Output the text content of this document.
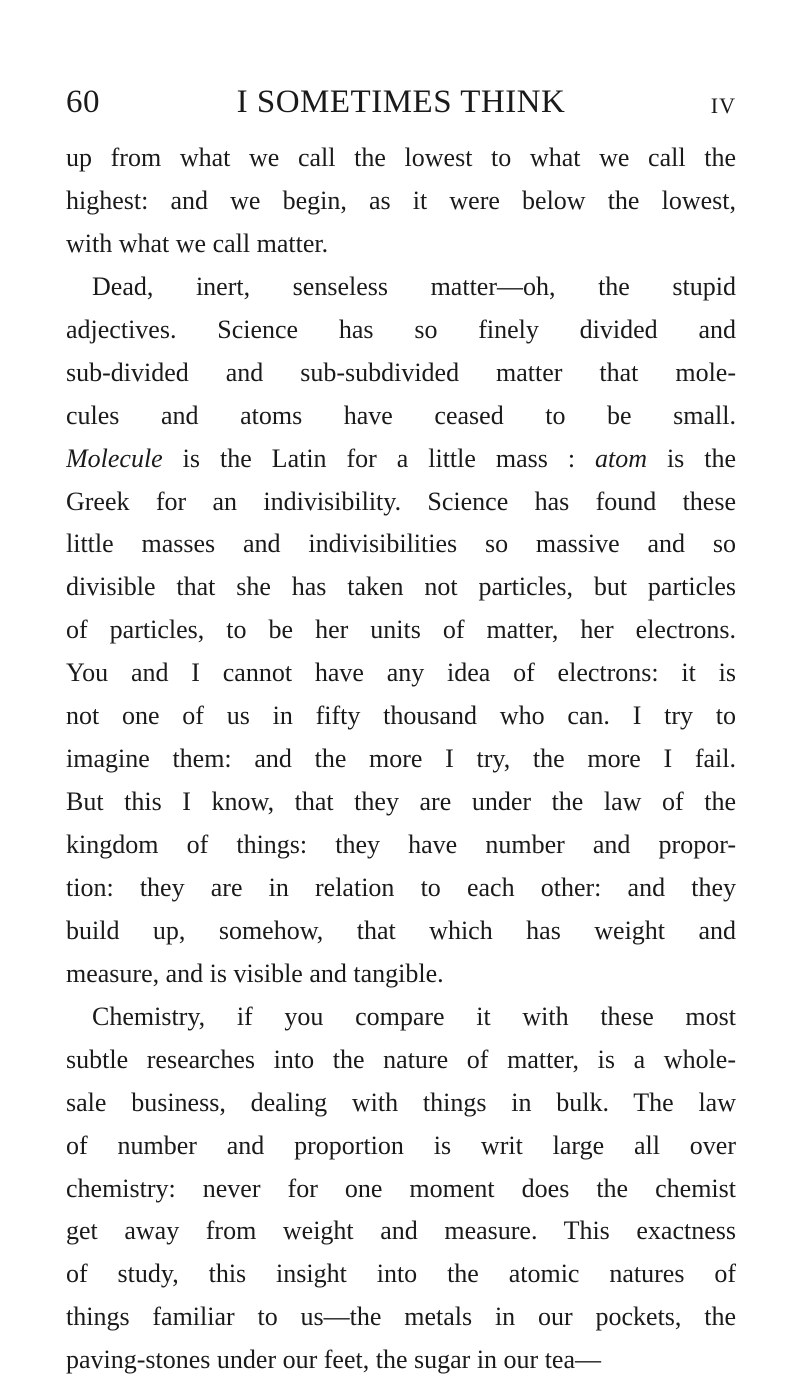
60	I SOMETIMES THINK	IV
up from what we call the lowest to what we call the
highest: and we begin, as it were below the lowest,
with what we call matter.
Dead, inert, senseless matter—oh, the stupid
adjectives. Science has so finely divided and
sub-divided and sub-subdivided matter that mole-
cules and atoms have ceased to be small.
Molecule is the Latin for a little mass : atom is the
Greek for an indivisibility. Science has found these
little masses and indivisibilities so massive and so
divisible that she has taken not particles, but particles
of particles, to be her units of matter, her electrons.
You and I cannot have any idea of electrons: it is
not one of us in fifty thousand who can. I try to
imagine them: and the more I try, the more I fail.
But this I know, that they are under the law of the
kingdom of things: they have number and propor-
tion: they are in relation to each other: and they
build up, somehow, that which has weight and
measure, and is visible and tangible.
Chemistry, if you compare it with these most
subtle researches into the nature of matter, is a whole-
sale business, dealing with things in bulk. The law
of number and proportion is writ large all over
chemistry: never for one moment does the chemist
get away from weight and measure. This exactness
of study, this insight into the atomic natures of
things familiar to us—the metals in our pockets, the
paving-stones under our feet, the sugar in our tea—
